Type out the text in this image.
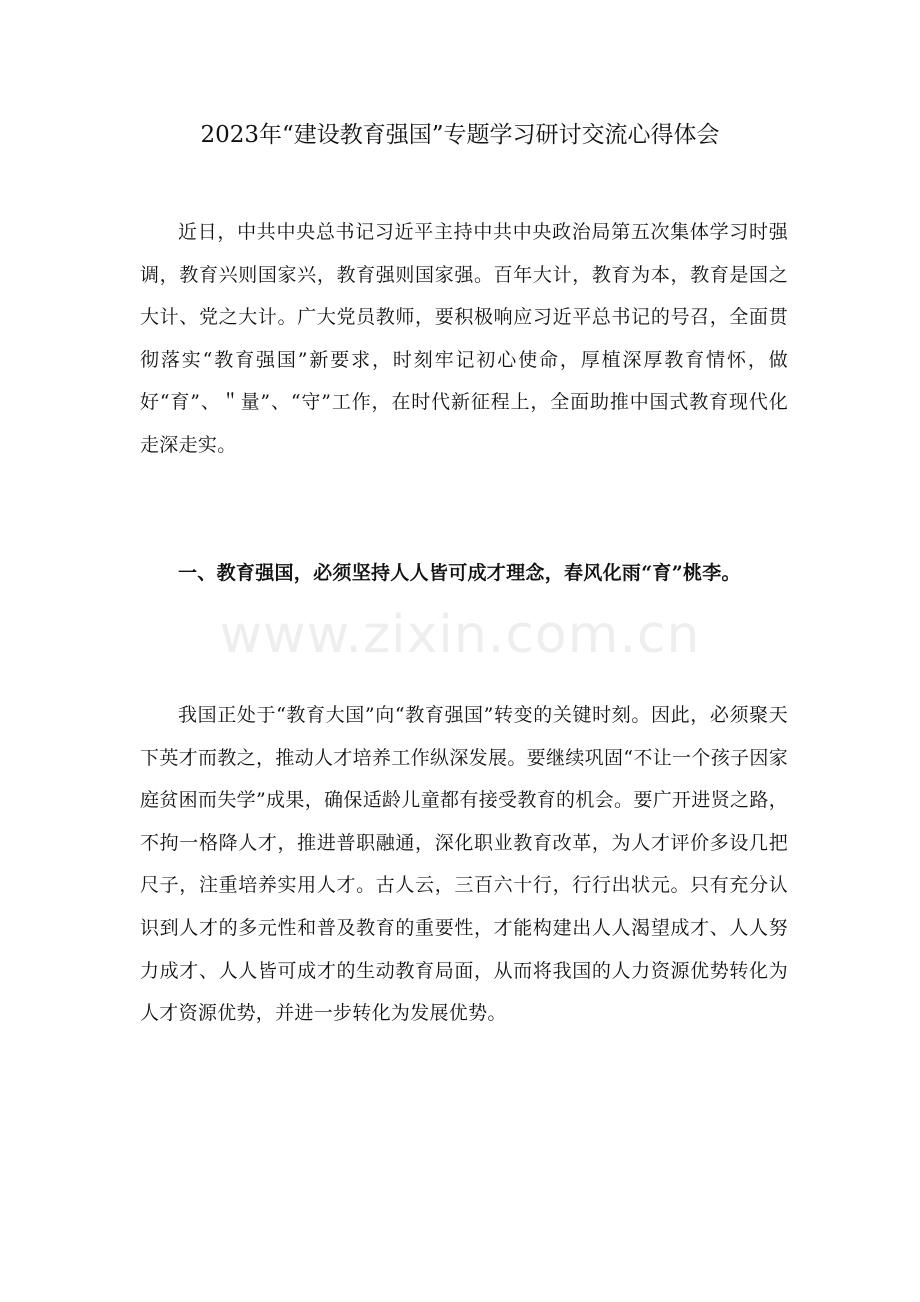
2023年“建设教育强国”专题学习研讨交流心得体会

近日，中共中央总书记习近平主持中共中央政治局第五次集体学习时强调，教育兴则国家兴，教育强则国家强。百年大计，教育为本，教育是国之大计、党之大计。广大党员教师，要积极响应习近平总书记的号召，全面贯彻落实“教育强国”新要求，时刻牢记初心使命，厚植深厚教育情怀，做好“育”、＂量”、“守”工作，在时代新征程上，全面助推中国式教育现代化走深走实。

一、教育强国，必须坚持人人皆可成才理念，春风化雨“育”桃李。

我国正处于“教育大国”向“教育强国”转变的关键时刻。因此，必须聚天下英才而教之，推动人才培养工作纵深发展。要继续巩固“不让一个孩子因家庭贫困而失学”成果，确保适龄儿童都有接受教育的机会。要广开进贤之路，不拘一格降人才，推进普职融通，深化职业教育改革，为人才评价多设几把尺子，注重培养实用人才。古人云，三百六十行，行行出状元。只有充分认识到人才的多元性和普及教育的重要性，才能构建出人人渴望成才、人人努力成才、人人皆可成才的生动教育局面，从而将我国的人力资源优势转化为人才资源优势，并进一步转化为发展优势。

www.zixin.com.cn
